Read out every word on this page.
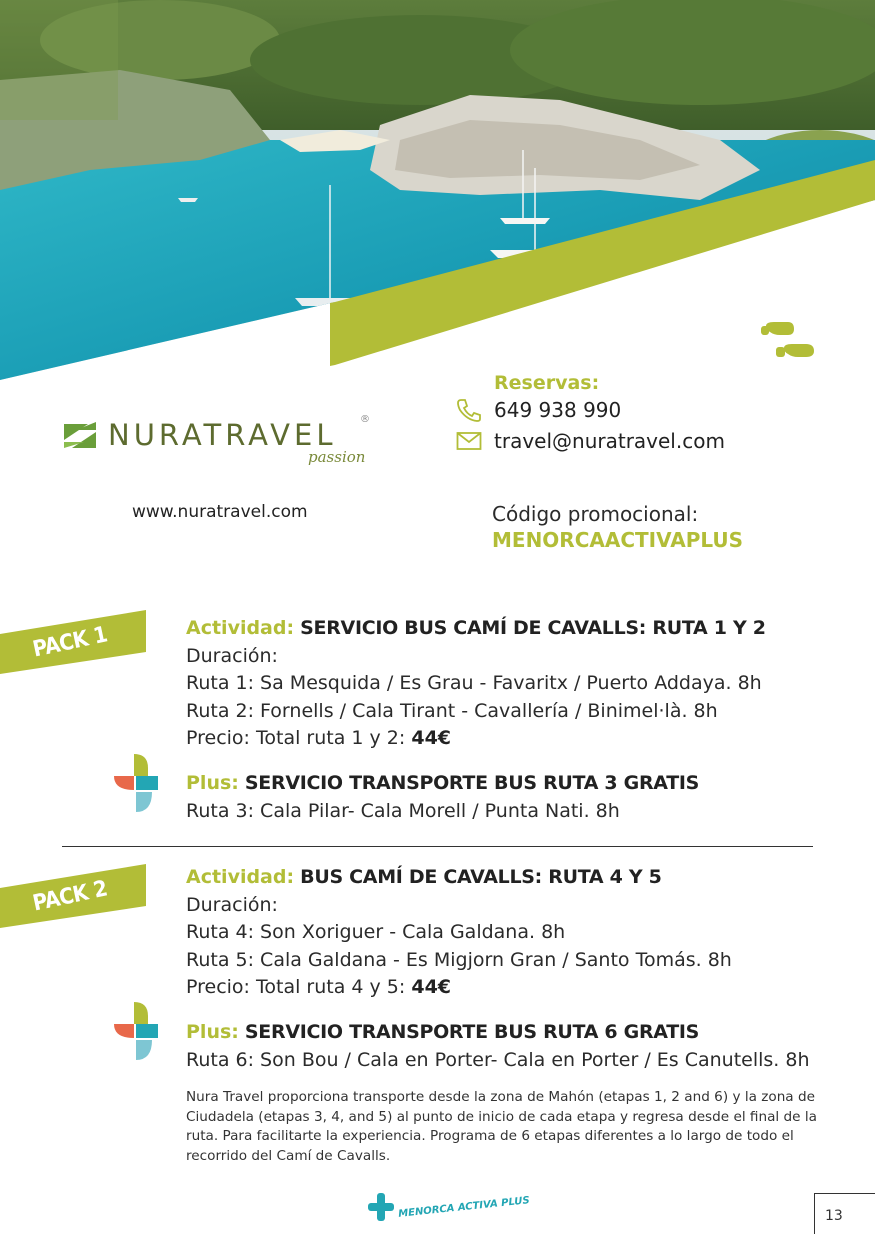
NURATRAVEL ®
passion
Reservas:
649 938 990
travel@nuratravel.com
www.nuratravel.com	Código promocional:
MENORCAACTIVAPLUS
PACK 1	Actividad: SERVICIO BUS CAMÍ DE CAVALLS: RUTA 1 Y 2
Duración:
Ruta 1: Sa Mesquida / Es Grau - Favaritx / Puerto Addaya. 8h
Ruta 2: Fornells / Cala Tirant - Cavallería / Binimel·là. 8h
Precio: Total ruta 1 y 2: 44€
Plus: SERVICIO TRANSPORTE BUS RUTA 3 GRATIS
Ruta 3: Cala Pilar- Cala Morell / Punta Nati. 8h
PACK 2	Actividad: BUS CAMÍ DE CAVALLS: RUTA 4 Y 5
Duración:
Ruta 4: Son Xoriguer - Cala Galdana. 8h
Ruta 5: Cala Galdana - Es Migjorn Gran / Santo Tomás. 8h
Precio: Total ruta 4 y 5: 44€
Plus: SERVICIO TRANSPORTE BUS RUTA 6 GRATIS
Ruta 6: Son Bou / Cala en Porter- Cala en Porter / Es Canutells. 8h
Nura Travel proporciona transporte desde la zona de Mahón (etapas 1, 2 and 6) y la zona de Ciudadela (etapas 3, 4, and 5) al punto de inicio de cada etapa y regresa desde el final de la ruta. Para facilitarte la experiencia. Programa de 6 etapas diferentes a lo largo de todo el recorrido del Camí de Cavalls.
MENORCA ACTIVA PLUS	13
